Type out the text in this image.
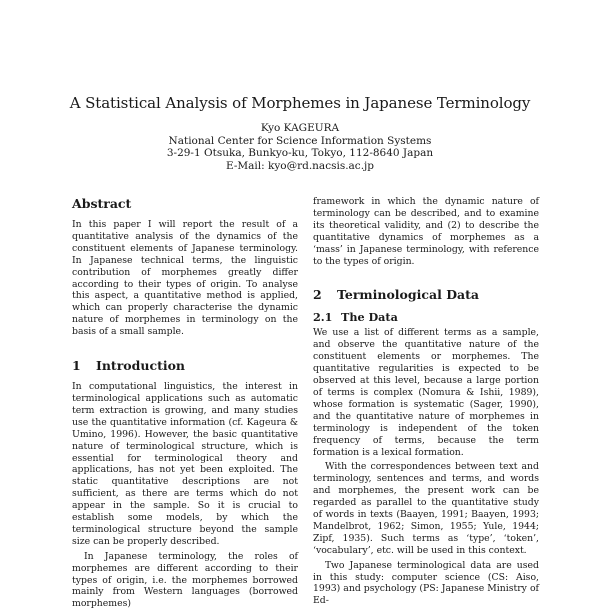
A Statistical Analysis of Morphemes in Japanese Terminology
Kyo KAGEURA
National Center for Science Information Systems
3-29-1 Otsuka, Bunkyo-ku, Tokyo, 112-8640 Japan
E-Mail: kyo@rd.nacsis.ac.jp
Abstract

In this paper I will report the result of a quantitative analysis of the dynamics of the constituent elements of Japanese terminology. In Japanese technical terms, the linguistic contribution of morphemes greatly differ according to their types of origin. To analyse this aspect, a quantitative method is applied, which can properly characterise the dynamic nature of morphemes in terminology on the basis of a small sample.

1 Introduction

In computational linguistics, the interest in terminological applications such as automatic term extraction is growing, and many studies use the quantitative information (cf. Kageura & Umino, 1996). However, the basic quantitative nature of terminological structure, which is essential for terminological theory and applications, has not yet been exploited. The static quantitative descriptions are not sufficient, as there are terms which do not appear in the sample. So it is crucial to establish some models, by which the terminological structure beyond the sample size can be properly described.

In Japanese terminology, the roles of morphemes are different according to their types of origin, i.e. the morphemes borrowed mainly from Western languages (borrowed morphemes)

framework in which the dynamic nature of terminology can be described, and to examine its theoretical validity, and (2) to describe the quantitative dynamics of morphemes as a ‘mass’ in Japanese terminology, with reference to the types of origin.

2 Terminological Data
2.1 The Data

We use a list of different terms as a sample, and observe the quantitative nature of the constituent elements or morphemes. The quantitative regularities is expected to be observed at this level, because a large portion of terms is complex (Nomura & Ishii, 1989), whose formation is systematic (Sager, 1990), and the quantitative nature of morphemes in terminology is independent of the token frequency of terms, because the term formation is a lexical formation.

With the correspondences between text and terminology, sentences and terms, and words and morphemes, the present work can be regarded as parallel to the quantitative study of words in texts (Baayen, 1991; Baayen, 1993; Mandelbrot, 1962; Simon, 1955; Yule, 1944; Zipf, 1935). Such terms as ‘type’, ‘token’, ‘vocabulary’, etc. will be used in this context.

Two Japanese terminological data are used in this study: computer science (CS: Aiso, 1993) and psychology (PS: Japanese Ministry of Ed-
